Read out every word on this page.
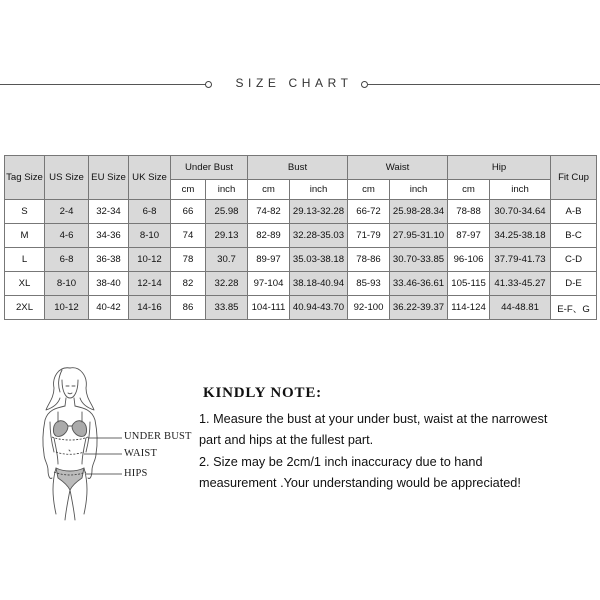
SIZE CHART
Tag Size	US Size	EU Size	UK Size	Under Bust		Bust		Waist		Hip		Fit Cup
				cm	inch	cm	inch	cm	inch	cm	inch	
S	2-4	32-34	6-8	66	25.98	74-82	29.13-32.28	66-72	25.98-28.34	78-88	30.70-34.64	A-B
M	4-6	34-36	8-10	74	29.13	82-89	32.28-35.03	71-79	27.95-31.10	87-97	34.25-38.18	B-C
L	6-8	36-38	10-12	78	30.7	89-97	35.03-38.18	78-86	30.70-33.85	96-106	37.79-41.73	C-D
XL	8-10	38-40	12-14	82	32.28	97-104	38.18-40.94	85-93	33.46-36.61	105-115	41.33-45.27	D-E
2XL	10-12	40-42	14-16	86	33.85	104-111	40.94-43.70	92-100	36.22-39.37	114-124	44-48.81	E-F、G
UNDER BUST
WAIST
HIPS
KINDLY NOTE:
1. Measure the bust at your under bust, waist at the narrowest
part and hips at the fullest part.
2. Size may be 2cm/1 inch inaccuracy due to hand
measurement .Your understanding would be appreciated!
